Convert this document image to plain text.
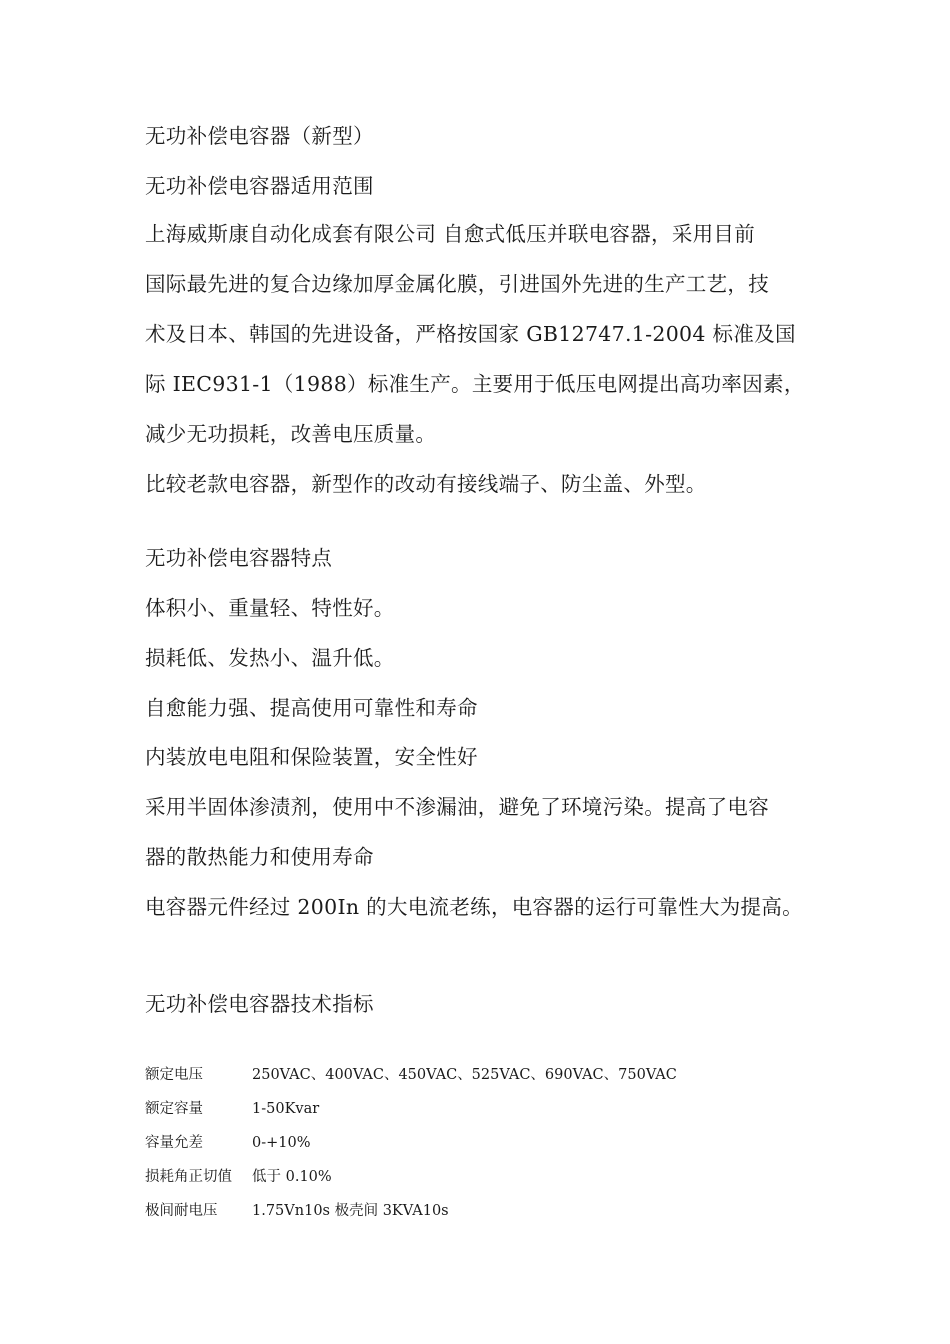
无功补偿电容器（新型）
无功补偿电容器适用范围
上海威斯康自动化成套有限公司 自愈式低压并联电容器，采用目前
国际最先进的复合边缘加厚金属化膜，引进国外先进的生产工艺，技
术及日本、韩国的先进设备，严格按国家 GB12747.1-2004 标准及国
际 IEC931-1（1988）标准生产。主要用于低压电网提出高功率因素，
减少无功损耗，改善电压质量。
比较老款电容器，新型作的改动有接线端子、防尘盖、外型。
无功补偿电容器特点
体积小、重量轻、特性好。
损耗低、发热小、温升低。
自愈能力强、提高使用可靠性和寿命
内装放电电阻和保险装置，安全性好
采用半固体渗渍剂，使用中不渗漏油，避免了环境污染。提高了电容
器的散热能力和使用寿命
电容器元件经过 200In 的大电流老练，电容器的运行可靠性大为提高。
无功补偿电容器技术指标
额定电压	250VAC、400VAC、450VAC、525VAC、690VAC、750VAC
额定容量	1-50Kvar
容量允差	0-+10%
损耗角正切值 低于 0.10%
极间耐电压 1.75Vn10s 极壳间 3KVA10s
